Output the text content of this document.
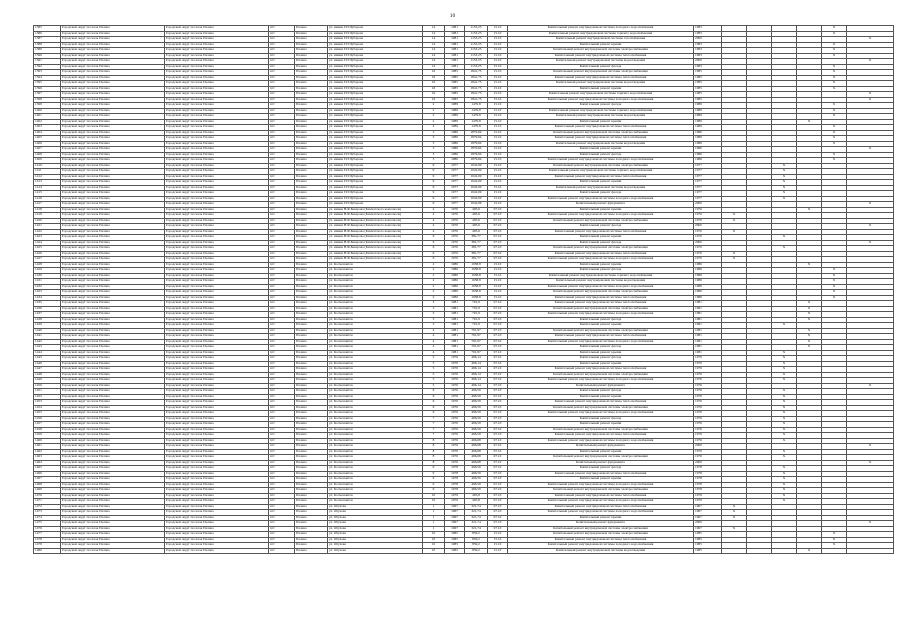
10
1385	Городской округ поселок Палана	Городской округ поселок Палана	пгт	Палана	ул. имени Г.И.Чубарова	14	1981	1133,25	15.10	Капитальный ремонт внутридомовой системы холодного водоснабжения	1983					X	
1386	Городской округ поселок Палана	Городской округ поселок Палана	пгт	Палана	ул. имени Г.И.Чубарова	14	1981	1133,25	15.10	Капитальный ремонт внутридомовой системы горячего водоснабжения	1983					X	
1387	Городской округ поселок Палана	Городской округ поселок Палана	пгт	Палана	ул. имени Г.И.Чубарова	14	1981	1133,25	15.10	Капитальный ремонт внутридомовой системы газоснабжения	2000						X
1388	Городской округ поселок Палана	Городской округ поселок Палана	пгт	Палана	ул. имени Г.И.Чубарова	14	1981	1133,25	15.10	Капитальный ремонт крыши	1983					X	
1389	Городской округ поселок Палана	Городской округ поселок Палана	пгт	Палана	ул. имени Г.И.Чубарова	14	1981	1133,25	15.10	Капитальный ремонт внутридомовой системы электроснабжения	1983					X	
1390	Городской округ поселок Палана	Городской округ поселок Палана	пгт	Палана	ул. имени Г.И.Чубарова	14	1981	1133,25	15.10	Капитальный ремонт внутридомовой системы теплоснабжения	1983					X	
1391	Городской округ поселок Палана	Городской округ поселок Палана	пгт	Палана	ул. имени Г.И.Чубарова	14	1981	1133,25	15.10	Капитальный ремонт внутридомовой системы водоотведения	2000						X
1392	Городской округ поселок Палана	Городской округ поселок Палана	пгт	Палана	ул. имени Г.И.Чубарова	14	1981	1133,25	15.10	Капитальный ремонт фасада	1983					X	
1393	Городской округ поселок Палана	Городской округ поселок Палана	пгт	Палана	ул. имени Г.И.Чубарова	16	1985	1841,75	15.10	Капитальный ремонт внутридомовой системы электроснабжения	1985					X	
1394	Городской округ поселок Палана	Городской округ поселок Палана	пгт	Палана	ул. имени Г.И.Чубарова	16	1985	1841,75	15.10	Капитальный ремонт внутридомовой системы теплоснабжения	1985					X	
1395	Городской округ поселок Палана	Городской округ поселок Палана	пгт	Палана	ул. имени Г.И.Чубарова	16	1985	1841,75	15.10	Капитальный ремонт внутридомовой системы водоотведения	1985					X	
1396	Городской округ поселок Палана	Городской округ поселок Палана	пгт	Палана	ул. имени Г.И.Чубарова	16	1985	1841,75	15.10	Капитальный ремонт крыши	1985					X	
1397	Городской округ поселок Палана	Городской округ поселок Палана	пгт	Палана	ул. имени Г.И.Чубарова	16	1985	1841,75	15.10	Капитальный ремонт внутридомовой системы горячего водоснабжения	1985						X
1398	Городской округ поселок Палана	Городской округ поселок Палана	пгт	Палана	ул. имени Г.И.Чубарова	16	1985	1841,75	15.10	Капитальный ремонт внутридомовой системы холодного водоснабжения	1985						X
1399	Городской округ поселок Палана	Городской округ поселок Палана	пгт	Палана	ул. имени Г.И.Чубарова	2	1989	1479,8	15.10	Капитальный ремонт фасада	1989					X	
1400	Городской округ поселок Палана	Городской округ поселок Палана	пгт	Палана	ул. имени Г.И.Чубарова	2	1989	1479,8	15.10	Капитальный ремонт внутридомовой системы горячего водоснабжения	1989					X	
1401	Городской округ поселок Палана	Городской округ поселок Палана	пгт	Палана	ул. имени Г.И.Чубарова	2	1989	1479,8	15.10	Капитальный ремонт внутридомовой системы водоотведения	1989					X	
1402	Городской округ поселок Палана	Городской округ поселок Палана	пгт	Палана	ул. имени Г.И.Чубарова	2	1989	1479,8	15.10	Капитальный ремонт крыши	1989				X		
1403	Городской округ поселок Палана	Городской округ поселок Палана	пгт	Палана	ул. имени Г.И.Чубарова	2	1989	1479,8	15.10	Капитальный ремонт внутридомовой системы теплоснабжения	1989					X	
1404	Городской округ поселок Палана	Городской округ поселок Палана	пгт	Палана	ул. имени Г.И.Чубарова	3	1986	1879,64	15.10	Капитальный ремонт внутридомовой системы электроснабжения	1986					X	
1405	Городской округ поселок Палана	Городской округ поселок Палана	пгт	Палана	ул. имени Г.И.Чубарова	3	1986	1879,64	15.10	Капитальный ремонт внутридомовой системы теплоснабжения	1986					X	
1406	Городской округ поселок Палана	Городской округ поселок Палана	пгт	Палана	ул. имени Г.И.Чубарова	3	1986	1879,64	15.10	Капитальный ремонт внутридомовой системы водоотведения	1986					X	
1407	Городской округ поселок Палана	Городской округ поселок Палана	пгт	Палана	ул. имени Г.И.Чубарова	3	1986	1879,64	15.10	Капитальный ремонт крыши	1986						X
1408	Городской округ поселок Палана	Городской округ поселок Палана	пгт	Палана	ул. имени Г.И.Чубарова	3	1986	1879,64	15.10	Капитальный ремонт фасада	1986					X	
1409	Городской округ поселок Палана	Городской округ поселок Палана	пгт	Палана	ул. имени Г.И.Чубарова	3	1986	1879,64	15.10	Капитальный ремонт внутридомовой системы холодного водоснабжения	1986					X	
1410	Городской округ поселок Палана	Городской округ поселок Палана	пгт	Палана	ул. имени Г.И.Чубарова	9	1977	1042,09	15.10	Капитальный ремонт внутридомовой системы электроснабжения	1977			X			
1411	Городской округ поселок Палана	Городской округ поселок Палана	пгт	Палана	ул. имени Г.И.Чубарова	9	1977	1042,09	15.10	Капитальный ремонт внутридомовой системы горячего водоснабжения	1977			X			
1412	Городской округ поселок Палана	Городской округ поселок Палана	пгт	Палана	ул. имени Г.И.Чубарова	9	1977	1042,09	15.10	Капитальный ремонт внутридомовой системы теплоснабжения	1977			X			
1413	Городской округ поселок Палана	Городской округ поселок Палана	пгт	Палана	ул. имени Г.И.Чубарова	9	1977	1042,09	15.10	Капитальный ремонт крыши	1977			X			
1414	Городской округ поселок Палана	Городской округ поселок Палана	пгт	Палана	ул. имени Г.И.Чубарова	9	1977	1042,09	15.10	Капитальный ремонт внутридомовой системы водоотведения	1977			X			
1415	Городской округ поселок Палана	Городской округ поселок Палана	пгт	Палана	ул. имени Г.И.Чубарова	9	1977	1042,09	15.10	Капитальный ремонт фасада	1977			X			
1416	Городской округ поселок Палана	Городской округ поселок Палана	пгт	Палана	ул. имени Г.И.Чубарова	9	1977	1042,09	15.10	Капитальный ремонт внутридомовой системы холодного водоснабжения	1977			X			
1417	Городской округ поселок Палана	Городской округ поселок Палана	пгт	Палана	ул. имени Г.И.Чубарова	9	1977	1042,09	15.10	Капитальный ремонт фундамента	2000						X
1418	Городской округ поселок Палана	Городской округ поселок Палана	пгт	Палана	ул. имени Н.Ф.Бекерова (Камчатского комсомола)	4	1970	495,6	07.10	Капитальный ремонт крыши	1970				X		
1419	Городской округ поселок Палана	Городской округ поселок Палана	пгт	Палана	ул. имени Н.Ф.Бекерова (Камчатского комсомола)	4	1970	495,6	07.10	Капитальный ремонт внутридомовой системы холодного водоснабжения	1970	X					
1420	Городской округ поселок Палана	Городской округ поселок Палана	пгт	Палана	ул. имени Н.Ф.Бекерова (Камчатского комсомола)	4	1970	495,6	07.10	Капитальный ремонт внутридомовой системы электроснабжения	1970	X					
1421	Городской округ поселок Палана	Городской округ поселок Палана	пгт	Палана	ул. имени Н.Ф.Бекерова (Камчатского комсомола)	4	1970	495,6	07.10	Капитальный ремонт фасада	2000						X
1422	Городской округ поселок Палана	Городской округ поселок Палана	пгт	Палана	ул. имени Н.Ф.Бекерова (Камчатского комсомола)	4	1970	495,6	07.10	Капитальный ремонт внутридомовой системы теплоснабжения	1970	X					
1423	Городской округ поселок Палана	Городской округ поселок Палана	пгт	Палана	ул. имени Н.Ф.Бекерова (Камчатского комсомола)	6	1970	381,77	07.10	Капитальный ремонт крыши	1970			X			
1424	Городской округ поселок Палана	Городской округ поселок Палана	пгт	Палана	ул. имени Н.Ф.Бекерова (Камчатского комсомола)	6	1970	381,77	07.10	Капитальный ремонт фасада	2000						X
1425	Городской округ поселок Палана	Городской округ поселок Палана	пгт	Палана	ул. имени Н.Ф.Бекерова (Камчатского комсомола)	6	1970	381,77	07.10	Капитальный ремонт внутридомовой системы электроснабжения	1970			X			
1426	Городской округ поселок Палана	Городской округ поселок Палана	пгт	Палана	ул. имени Н.Ф.Бекерова (Камчатского комсомола)	6	1970	381,77	07.10	Капитальный ремонт внутридомовой системы теплоснабжения	1970	X					
1427	Городской округ поселок Палана	Городской округ поселок Палана	пгт	Палана	ул. имени Н.Ф.Бекерова (Камчатского комсомола)	6	1970	381,77	07.10	Капитальный ремонт внутридомовой системы холодного водоснабжения	1970	X					
1428	Городской округ поселок Палана	Городской округ поселок Палана	пгт	Палана	ул. Космонавтов	2	1986	1958,8	15.10	Капитальный ремонт крыши	1986				X		
1429	Городской округ поселок Палана	Городской округ поселок Палана	пгт	Палана	ул. Космонавтов	2	1986	1958,8	15.10	Капитальный ремонт фасада	1986					X	
1430	Городской округ поселок Палана	Городской округ поселок Палана	пгт	Палана	ул. Космонавтов	2	1986	1958,8	15.10	Капитальный ремонт внутридомовой системы горячего водоснабжения	1986					X	
1431	Городской округ поселок Палана	Городской округ поселок Палана	пгт	Палана	ул. Космонавтов	2	1986	1958,8	15.10	Капитальный ремонт внутридомовой системы водоотведения	1986					X	
1432	Городской округ поселок Палана	Городской округ поселок Палана	пгт	Палана	ул. Космонавтов	2	1986	1958,8	15.10	Капитальный ремонт внутридомовой системы холодного водоснабжения	1986					X	
1433	Городской округ поселок Палана	Городской округ поселок Палана	пгт	Палана	ул. Космонавтов	2	1986	1958,8	15.10	Капитальный ремонт внутридомовой системы электроснабжения	1986					X	
1434	Городской округ поселок Палана	Городской округ поселок Палана	пгт	Палана	ул. Космонавтов	2	1986	1958,8	15.10	Капитальный ремонт внутридомовой системы теплоснабжения	1986					X	
1435	Городской округ поселок Палана	Городской округ поселок Палана	пгт	Палана	ул. Космонавтов	3	1981	791,9	07.10	Капитальный ремонт внутридомовой системы теплоснабжения	1981				X		
1436	Городской округ поселок Палана	Городской округ поселок Палана	пгт	Палана	ул. Космонавтов	3	1981	791,9	07.10	Капитальный ремонт внутридомовой системы электроснабжения	1981				X		
1437	Городской округ поселок Палана	Городской округ поселок Палана	пгт	Палана	ул. Космонавтов	3	1981	791,9	07.10	Капитальный ремонт внутридомовой системы холодного водоснабжения	1981				X		
1438	Городской округ поселок Палана	Городской округ поселок Палана	пгт	Палана	ул. Космонавтов	3	1981	791,9	07.10	Капитальный ремонт фасада	1981				X		
1439	Городской округ поселок Палана	Городской округ поселок Палана	пгт	Палана	ул. Космонавтов	3	1981	791,9	07.10	Капитальный ремонт крыши	1981			X			
1440	Городской округ поселок Палана	Городской округ поселок Палана	пгт	Палана	ул. Космонавтов	4	1981	791,97	07.10	Капитальный ремонт внутридомовой системы электроснабжения	1981				X		
1441	Городской округ поселок Палана	Городской округ поселок Палана	пгт	Палана	ул. Космонавтов	4	1981	791,97	07.10	Капитальный ремонт внутридомовой системы теплоснабжения	1981				X		
1442	Городской округ поселок Палана	Городской округ поселок Палана	пгт	Палана	ул. Космонавтов	4	1981	791,97	07.10	Капитальный ремонт внутридомовой системы холодного водоснабжения	1981				X		
1443	Городской округ поселок Палана	Городской округ поселок Палана	пгт	Палана	ул. Космонавтов	4	1981	791,97	07.10	Капитальный ремонт фасада	1981				X		
1444	Городской округ поселок Палана	Городской округ поселок Палана	пгт	Палана	ул. Космонавтов	4	1981	791,97	07.10	Капитальный ремонт крыши	1981			X			
1445	Городской округ поселок Палана	Городской округ поселок Палана	пгт	Палана	ул. Космонавтов	5	1976	496,14	07.10	Капитальный ремонт фасада	1976			X			
1446	Городской округ поселок Палана	Городской округ поселок Палана	пгт	Палана	ул. Космонавтов	5	1976	496,14	07.10	Капитальный ремонт крыши	1976			X			
1447	Городской округ поселок Палана	Городской округ поселок Палана	пгт	Палана	ул. Космонавтов	5	1976	496,14	07.10	Капитальный ремонт внутридомовой системы теплоснабжения	1976			X			
1448	Городской округ поселок Палана	Городской округ поселок Палана	пгт	Палана	ул. Космонавтов	5	1976	496,14	07.10	Капитальный ремонт внутридомовой системы электроснабжения	1976			X			
1449	Городской округ поселок Палана	Городской округ поселок Палана	пгт	Палана	ул. Космонавтов	5	1976	496,14	07.10	Капитальный ремонт внутридомовой системы холодного водоснабжения	1976			X			
1450	Городской округ поселок Палана	Городской округ поселок Палана	пгт	Палана	ул. Космонавтов	5	1976	496,14	07.10	Капитальный ремонт фундамента	1976						X
1451	Городской округ поселок Палана	Городской округ поселок Палана	пгт	Палана	ул. Космонавтов	6	1976	496,59	07.10	Капитальный ремонт фасада	1976			X			
1452	Городской округ поселок Палана	Городской округ поселок Палана	пгт	Палана	ул. Космонавтов	6	1976	496,59	07.10	Капитальный ремонт крыши	1976			X			
1453	Городской округ поселок Палана	Городской округ поселок Палана	пгт	Палана	ул. Космонавтов	6	1976	496,59	07.10	Капитальный ремонт внутридомовой системы теплоснабжения	1976			X			
1454	Городской округ поселок Палана	Городской округ поселок Палана	пгт	Палана	ул. Космонавтов	6	1976	496,59	07.10	Капитальный ремонт внутридомовой системы электроснабжения	1976			X			
1455	Городской округ поселок Палана	Городской округ поселок Палана	пгт	Палана	ул. Космонавтов	6	1976	496,59	07.10	Капитальный ремонт внутридомовой системы холодного водоснабжения	1976			X			
1456	Городской округ поселок Палана	Городской округ поселок Палана	пгт	Палана	ул. Космонавтов	7	1976	496,59	07.10	Капитальный ремонт фасада	1976			X			
1457	Городской округ поселок Палана	Городской округ поселок Палана	пгт	Палана	ул. Космонавтов	7	1976	496,59	07.10	Капитальный ремонт крыши	1976			X			
1458	Городской округ поселок Палана	Городской округ поселок Палана	пгт	Палана	ул. Космонавтов	7	1976	496,59	07.10	Капитальный ремонт внутридомовой системы электроснабжения	1976			X			
1459	Городской округ поселок Палана	Городской округ поселок Палана	пгт	Палана	ул. Космонавтов	7	1976	496,59	07.10	Капитальный ремонт внутридомовой системы теплоснабжения	1976			X			
1460	Городской округ поселок Палана	Городской округ поселок Палана	пгт	Палана	ул. Космонавтов	8	1976	496,68	07.10	Капитальный ремонт внутридомовой системы холодного водоснабжения	1976			X			
1461	Городской округ поселок Палана	Городской округ поселок Палана	пгт	Палана	ул. Космонавтов	8	1976	496,68	07.10	Капитальный ремонт фундамента	2000						X
1462	Городской округ поселок Палана	Городской округ поселок Палана	пгт	Палана	ул. Космонавтов	8	1976	496,68	07.10	Капитальный ремонт крыши	1976			X			
1463	Городской округ поселок Палана	Городской округ поселок Палана	пгт	Палана	ул. Космонавтов	8	1976	496,68	07.10	Капитальный ремонт внутридомовой системы электроснабжения	1976			X			
1464	Городской округ поселок Палана	Городской округ поселок Палана	пгт	Палана	ул. Космонавтов	8	1976	496,68	07.10	Капитальный ремонт фундамента	2000						X
1465	Городской округ поселок Палана	Городской округ поселок Палана	пгт	Палана	ул. Космонавтов	9	1978	496,59	07.10	Капитальный ремонт фасада	1978			X			
1466	Городской округ поселок Палана	Городской округ поселок Палана	пгт	Палана	ул. Космонавтов	9	1978	496,59	07.10	Капитальный ремонт внутридомовой системы теплоснабжения	1978			X			
1467	Городской округ поселок Палана	Городской округ поселок Палана	пгт	Палана	ул. Космонавтов	9	1978	496,59	07.10	Капитальный ремонт крыши	1978			X			
1468	Городской округ поселок Палана	Городской округ поселок Палана	пгт	Палана	ул. Космонавтов	9	1978	496,59	07.10	Капитальный ремонт внутридомовой системы холодного водоснабжения	1978			X			
1469	Городской округ поселок Палана	Городской округ поселок Палана	пгт	Палана	ул. Космонавтов	9	1978	496,59	07.10	Капитальный ремонт внутридомовой системы электроснабжения	1978			X			
1470	Городской округ поселок Палана	Городской округ поселок Палана	пгт	Палана	ул. Космонавтов	10	1979	495,8	07.10	Капитальный ремонт внутридомовой системы теплоснабжения	1979			X			
1471	Городской округ поселок Палана	Городской округ поселок Палана	пгт	Палана	ул. Космонавтов	10	1979	495,8	07.10	Капитальный ремонт внутридомовой системы холодного водоснабжения	1979			X			
1472	Городской округ поселок Палана	Городской округ поселок Палана	пгт	Палана	ул. Обухова	1	1967	321,74	07.10	Капитальный ремонт внутридомовой системы теплоснабжения	1967	X					
1473	Городской округ поселок Палана	Городской округ поселок Палана	пгт	Палана	ул. Обухова	1	1967	321,74	07.10	Капитальный ремонт внутридомовой системы холодного водоснабжения	1967	X					
1474	Городской округ поселок Палана	Городской округ поселок Палана	пгт	Палана	ул. Обухова	1	1967	321,74	07.10	Капитальный ремонт крыши	1967	X					
1475	Городской округ поселок Палана	Городской округ поселок Палана	пгт	Палана	ул. Обухова	1	1967	321,74	07.10	Капитальный ремонт фундамента	2000						X
1476	Городской округ поселок Палана	Городской округ поселок Палана	пгт	Палана	ул. Обухова	1	1967	321,74	07.10	Капитальный ремонт внутридомовой системы электроснабжения	1967	X					
1477	Городской округ поселок Палана	Городской округ поселок Палана	пгт	Палана	ул. Обухова	10	1985	859,2	15.10	Капитальный ремонт внутридомовой системы электроснабжения	1985					X	
1478	Городской округ поселок Палана	Городской округ поселок Палана	пгт	Палана	ул. Обухова	10	1985	859,2	15.10	Капитальный ремонт внутридомовой системы теплоснабжения	1985					X	
1479	Городской округ поселок Палана	Городской округ поселок Палана	пгт	Палана	ул. Обухова	10	1985	859,2	15.10	Капитальный ремонт внутридомовой системы холодного водоснабжения	1985					X	
1480	Городской округ поселок Палана	Городской округ поселок Палана	пгт	Палана	ул. Обухова	10	1985	859,2	15.10	Капитальный ремонт внутридомовой системы водоотведения	1985				X		
